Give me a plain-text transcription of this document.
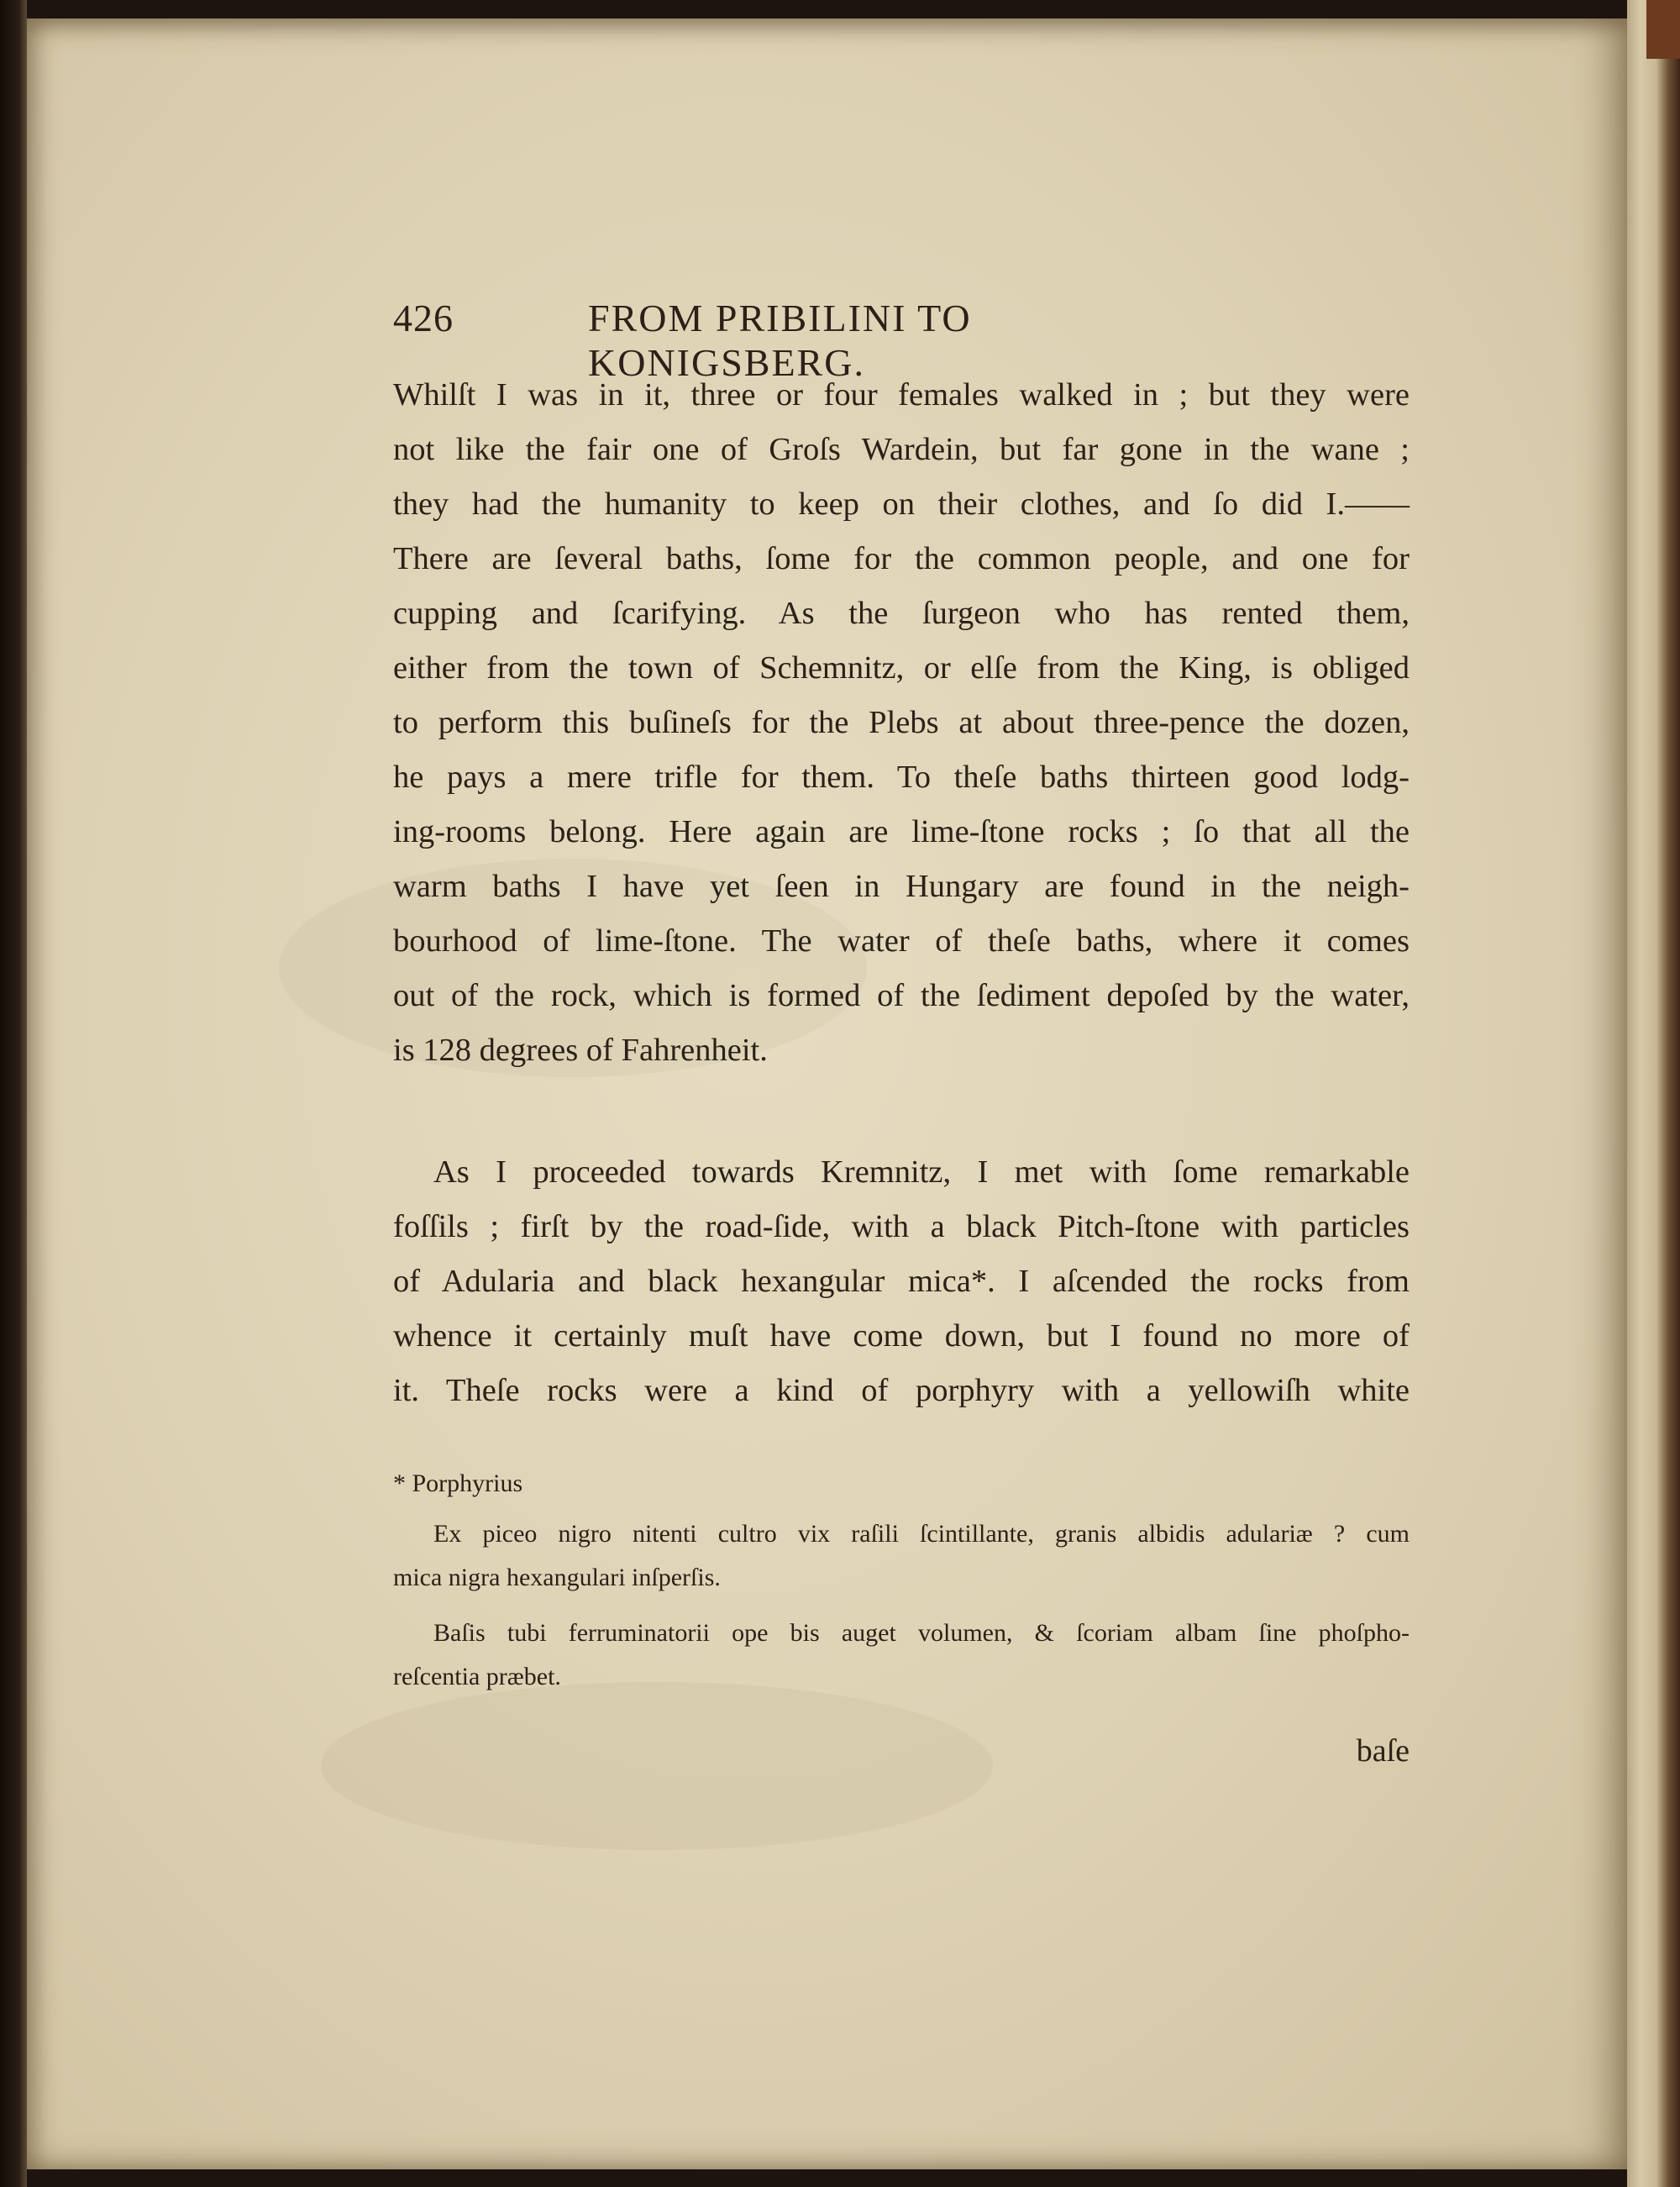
426	FROM PRIBILINI TO KONIGSBERG.
Whilſt I was in it, three or four females walked in ; but they were
not like the fair one of Groſs Wardein, but far gone in the wane ;
they had the humanity to keep on their clothes, and ſo did I.——
There are ſeveral baths, ſome for the common people, and one for
cupping and ſcarifying. As the ſurgeon who has rented them,
either from the town of Schemnitz, or elſe from the King, is obliged
to perform this buſineſs for the Plebs at about three-pence the dozen,
he pays a mere trifle for them. To theſe baths thirteen good lodg-
ing-rooms belong. Here again are lime-ſtone rocks ; ſo that all the
warm baths I have yet ſeen in Hungary are found in the neigh-
bourhood of lime-ſtone. The water of theſe baths, where it comes
out of the rock, which is formed of the ſediment depoſed by the water,
is 128 degrees of Fahrenheit.
As I proceeded towards Kremnitz, I met with ſome remarkable
foſſils ; firſt by the road-ſide, with a black Pitch-ſtone with particles
of Adularia and black hexangular mica*. I aſcended the rocks from
whence it certainly muſt have come down, but I found no more of
it. Theſe rocks were a kind of porphyry with a yellowiſh white
* Porphyrius
Ex piceo nigro nitenti cultro vix raſili ſcintillante, granis albidis adulariæ ? cum
mica nigra hexangulari inſperſis.
Baſis tubi ferruminatorii ope bis auget volumen, & ſcoriam albam ſine phoſpho-
reſcentia præbet.
baſe
